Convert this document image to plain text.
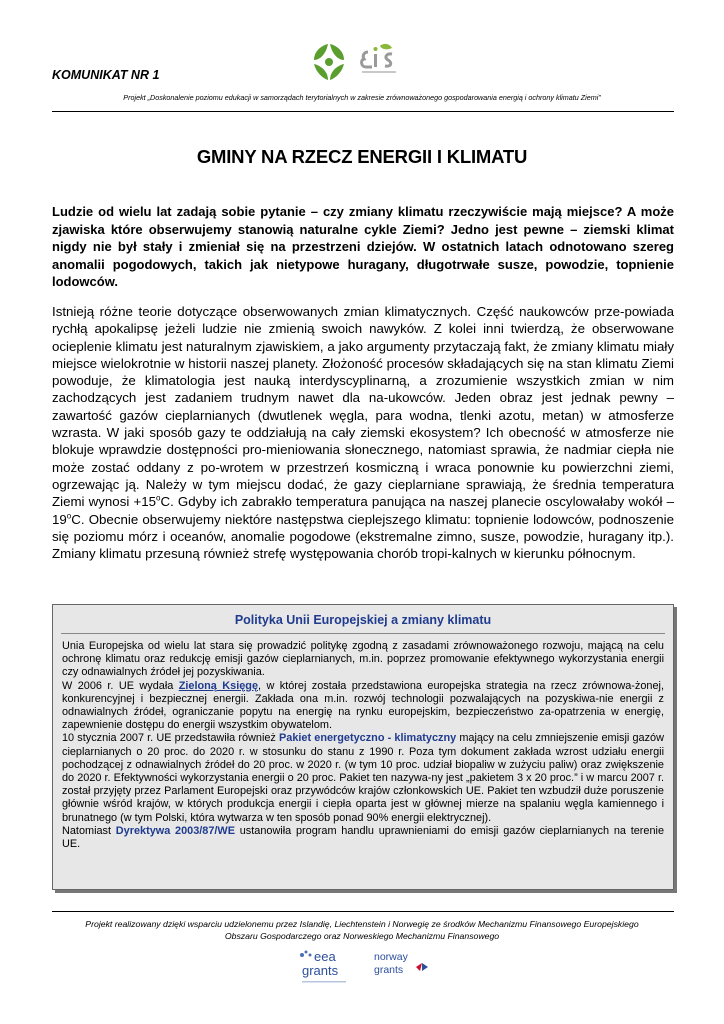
KOMUNIKAT NR 1
Projekt „Doskonalenie poziomu edukacji w samorządach terytorialnych w zakresie zrównoważonego gospodarowania energią i ochrony klimatu Ziemi”
GMINY NA RZECZ ENERGII I KLIMATU
Ludzie od wielu lat zadają sobie pytanie – czy zmiany klimatu rzeczywiście mają miejsce? A może zjawiska które obserwujemy stanowią naturalne cykle Ziemi? Jedno jest pewne – ziemski klimat nigdy nie był stały i zmieniał się na przestrzeni dziejów. W ostatnich latach odnotowano szereg anomalii pogodowych, takich jak nietypowe huragany, długotrwałe susze, powodzie, topnienie lodowców.
Istnieją różne teorie dotyczące obserwowanych zmian klimatycznych. Część naukowców prze-powiada rychłą apokalipsę jeżeli ludzie nie zmienią swoich nawyków. Z kolei inni twierdzą, że obserwowane ocieplenie klimatu jest naturalnym zjawiskiem, a jako argumenty przytaczają fakt, że zmiany klimatu miały miejsce wielokrotnie w historii naszej planety. Złożoność procesów składających się na stan klimatu Ziemi powoduje, że klimatologia jest nauką interdyscyplinarną, a zrozumienie wszystkich zmian w nim zachodzących jest zadaniem trudnym nawet dla na-ukowców. Jeden obraz jest jednak pewny – zawartość gazów cieplarnianych (dwutlenek węgla, para wodna, tlenki azotu, metan) w atmosferze wzrasta. W jaki sposób gazy te oddziałują na cały ziemski ekosystem? Ich obecność w atmosferze nie blokuje wprawdzie dostępności pro-mieniowania słonecznego, natomiast sprawia, że nadmiar ciepła nie może zostać oddany z po-wrotem w przestrzeń kosmiczną i wraca ponownie ku powierzchni ziemi, ogrzewając ją. Należy w tym miejscu dodać, że gazy cieplarniane sprawiają, że średnia temperatura Ziemi wynosi $+15^oC$. Gdyby ich zabrakło temperatura panująca na naszej planecie oscylowałaby wokół – 19$^o$C. Obecnie obserwujemy niektóre następstwa cieplejszego klimatu: topnienie lodowców, podnoszenie się poziomu mórz i oceanów, anomalie pogodowe (ekstremalne zimno, susze, powodzie, huragany itp.). Zmiany klimatu przesuną również strefę występowania chorób tropi-kalnych w kierunku północnym.
Polityka Unii Europejskiej a zmiany klimatu
Unia Europejska od wielu lat stara się prowadzić politykę zgodną z zasadami zrównoważonego rozwoju, mającą na celu ochronę klimatu oraz redukcję emisji gazów cieplarnianych, m.in. poprzez promowanie efektywnego wykorzystania energii czy odnawialnych źródeł jej pozyskiwania.
W 2006 r. UE wydała Zieloną Księgę, w której została przedstawiona europejska strategia na rzecz zrównowa-żonej, konkurencyjnej i bezpiecznej energii. Zakłada ona m.in. rozwój technologii pozwalających na pozyskiwa-nie energii z odnawialnych źródeł, ograniczanie popytu na energię na rynku europejskim, bezpieczeństwo za-opatrzenia w energię, zapewnienie dostępu do energii wszystkim obywatelom.
10 stycznia 2007 r. UE przedstawiła również Pakiet energetyczno - klimatyczny mający na celu zmniejszenie emisji gazów cieplarnianych o 20 proc. do 2020 r. w stosunku do stanu z 1990 r. Poza tym dokument zakłada wzrost udziału energii pochodzącej z odnawialnych źródeł do 20 proc. w 2020 r. (w tym 10 proc. udział biopaliw w zużyciu paliw) oraz zwiększenie do 2020 r. Efektywności wykorzystania energii o 20 proc. Pakiet ten nazywa-ny jest „pakietem 3 x 20 proc.” i w marcu 2007 r. został przyjęty przez Parlament Europejski oraz przywódców krajów członkowskich UE. Pakiet ten wzbudził duże poruszenie głównie wśród krajów, w których produkcja energii i ciepła oparta jest w głównej mierze na spalaniu węgla kamiennego i brunatnego (w tym Polski, która wytwarza w ten sposób ponad 90% energii elektrycznej).
Natomiast Dyrektywa 2003/87/WE ustanowiła program handlu uprawnieniami do emisji gazów cieplarnianych na terenie UE.
Projekt realizowany dzięki wsparciu udzielonemu przez Islandię, Liechtenstein i Norwegię ze środków Mechanizmu Finansowego Europejskiego
Obszaru Gospodarczego oraz Norweskiego Mechanizmu Finansowego
eea
grants
norway
grants
